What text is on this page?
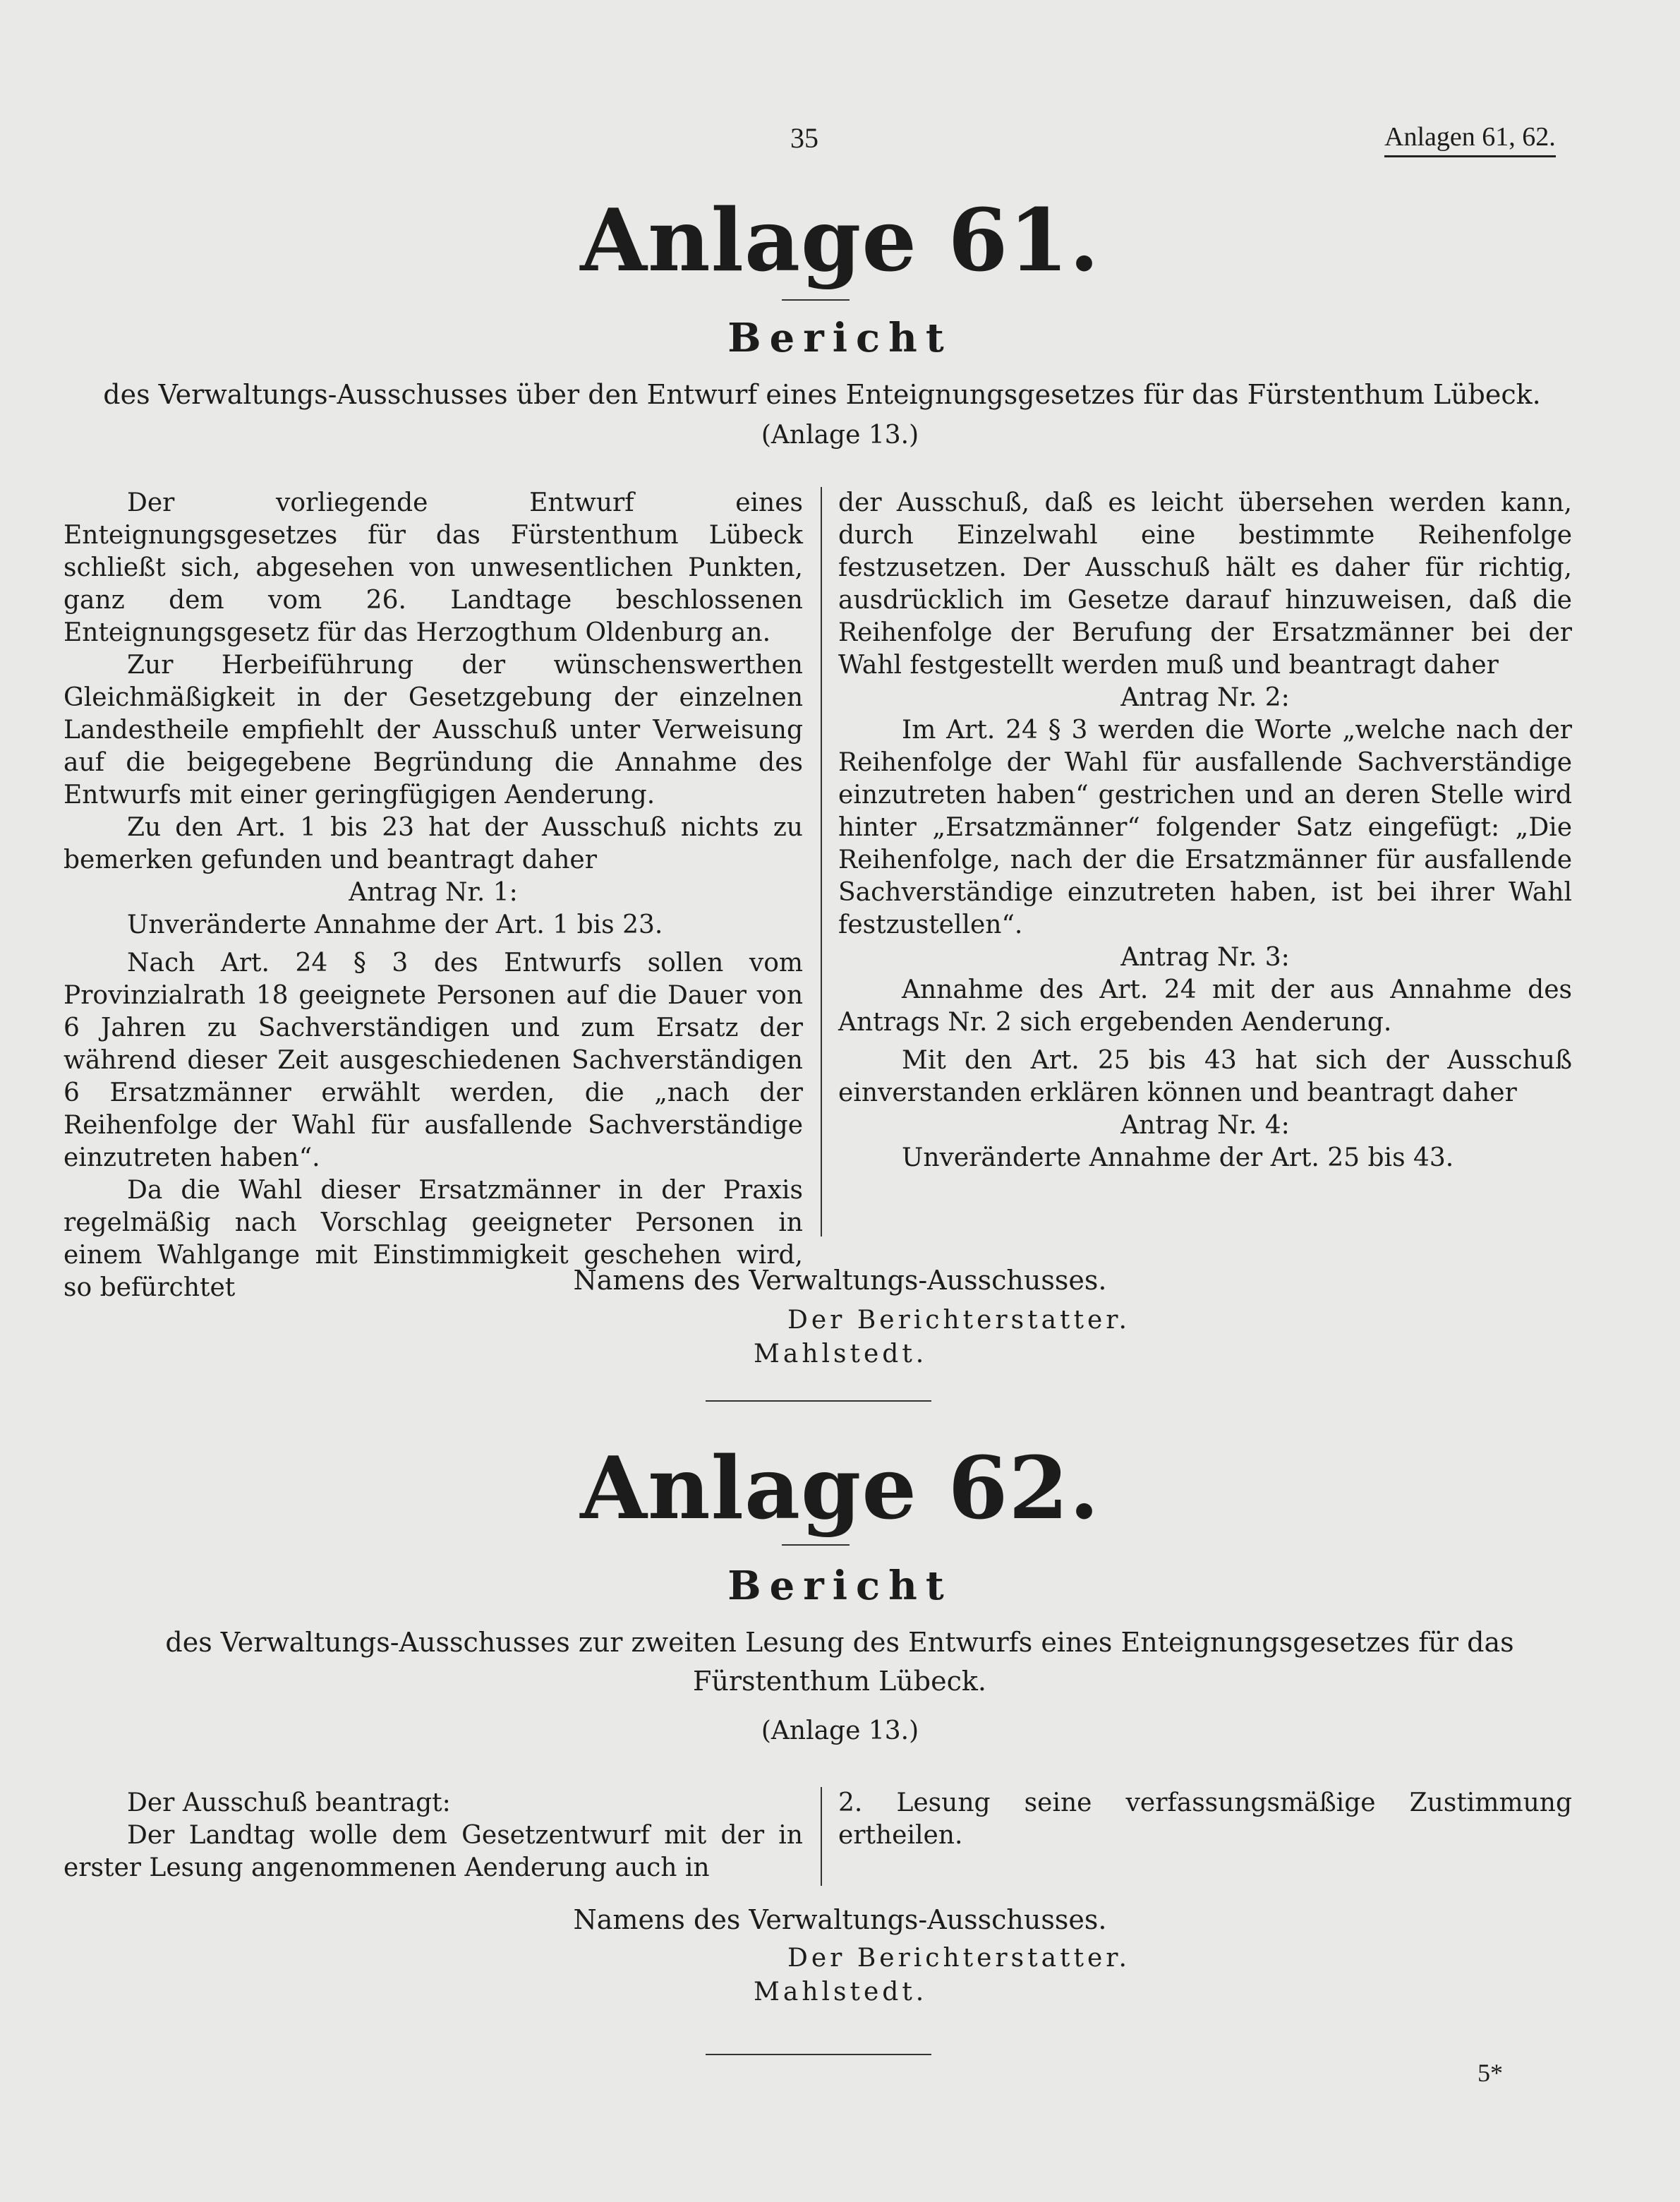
35	Anlagen 61, 62.
Anlage 61.
Bericht
des Verwaltungs-Ausschusses über den Entwurf eines Enteignungsgesetzes für das Fürstenthum Lübeck.
(Anlage 13.)

Der vorliegende Entwurf eines Enteignungsgesetzes für das Fürstenthum Lübeck schließt sich, abgesehen von unwesentlichen Punkten, ganz dem vom 26. Landtage beschlossenen Enteignungsgesetz für das Herzogthum Oldenburg an.

Zur Herbeiführung der wünschenswerthen Gleichmäßigkeit in der Gesetzgebung der einzelnen Landestheile empfiehlt der Ausschuß unter Verweisung auf die beigegebene Begründung die Annahme des Entwurfs mit einer geringfügigen Aenderung.

Zu den Art. 1 bis 23 hat der Ausschuß nichts zu bemerken gefunden und beantragt daher

Antrag Nr. 1:

Unveränderte Annahme der Art. 1 bis 23.

Nach Art. 24 § 3 des Entwurfs sollen vom Provinzialrath 18 geeignete Personen auf die Dauer von 6 Jahren zu Sachverständigen und zum Ersatz der während dieser Zeit ausgeschiedenen Sachverständigen 6 Ersatzmänner erwählt werden, die „nach der Reihenfolge der Wahl für ausfallende Sachverständige einzutreten haben“.

Da die Wahl dieser Ersatzmänner in der Praxis regelmäßig nach Vorschlag geeigneter Personen in einem Wahlgange mit Einstimmigkeit geschehen wird, so befürchtet

der Ausschuß, daß es leicht übersehen werden kann, durch Einzelwahl eine bestimmte Reihenfolge festzusetzen. Der Ausschuß hält es daher für richtig, ausdrücklich im Gesetze darauf hinzuweisen, daß die Reihenfolge der Berufung der Ersatzmänner bei der Wahl festgestellt werden muß und beantragt daher

Antrag Nr. 2:

Im Art. 24 § 3 werden die Worte „welche nach der Reihenfolge der Wahl für ausfallende Sachverständige einzutreten haben“ gestrichen und an deren Stelle wird hinter „Ersatzmänner“ folgender Satz eingefügt: „Die Reihenfolge, nach der die Ersatzmänner für ausfallende Sachverständige einzutreten haben, ist bei ihrer Wahl festzustellen“.

Antrag Nr. 3:

Annahme des Art. 24 mit der aus Annahme des Antrags Nr. 2 sich ergebenden Aenderung.

Mit den Art. 25 bis 43 hat sich der Ausschuß einverstanden erklären können und beantragt daher

Antrag Nr. 4:

Unveränderte Annahme der Art. 25 bis 43.

Namens des Verwaltungs-Ausschusses.
Der Berichterstatter.
Mahlstedt.
Anlage 62.
Bericht
des Verwaltungs-Ausschusses zur zweiten Lesung des Entwurfs eines Enteignungsgesetzes für das Fürstenthum Lübeck.
(Anlage 13.)

Der Ausschuß beantragt:

Der Landtag wolle dem Gesetzentwurf mit der in erster Lesung angenommenen Aenderung auch in

2. Lesung seine verfassungsmäßige Zustimmung ertheilen.

Namens des Verwaltungs-Ausschusses.
Der Berichterstatter.
Mahlstedt.
5*
